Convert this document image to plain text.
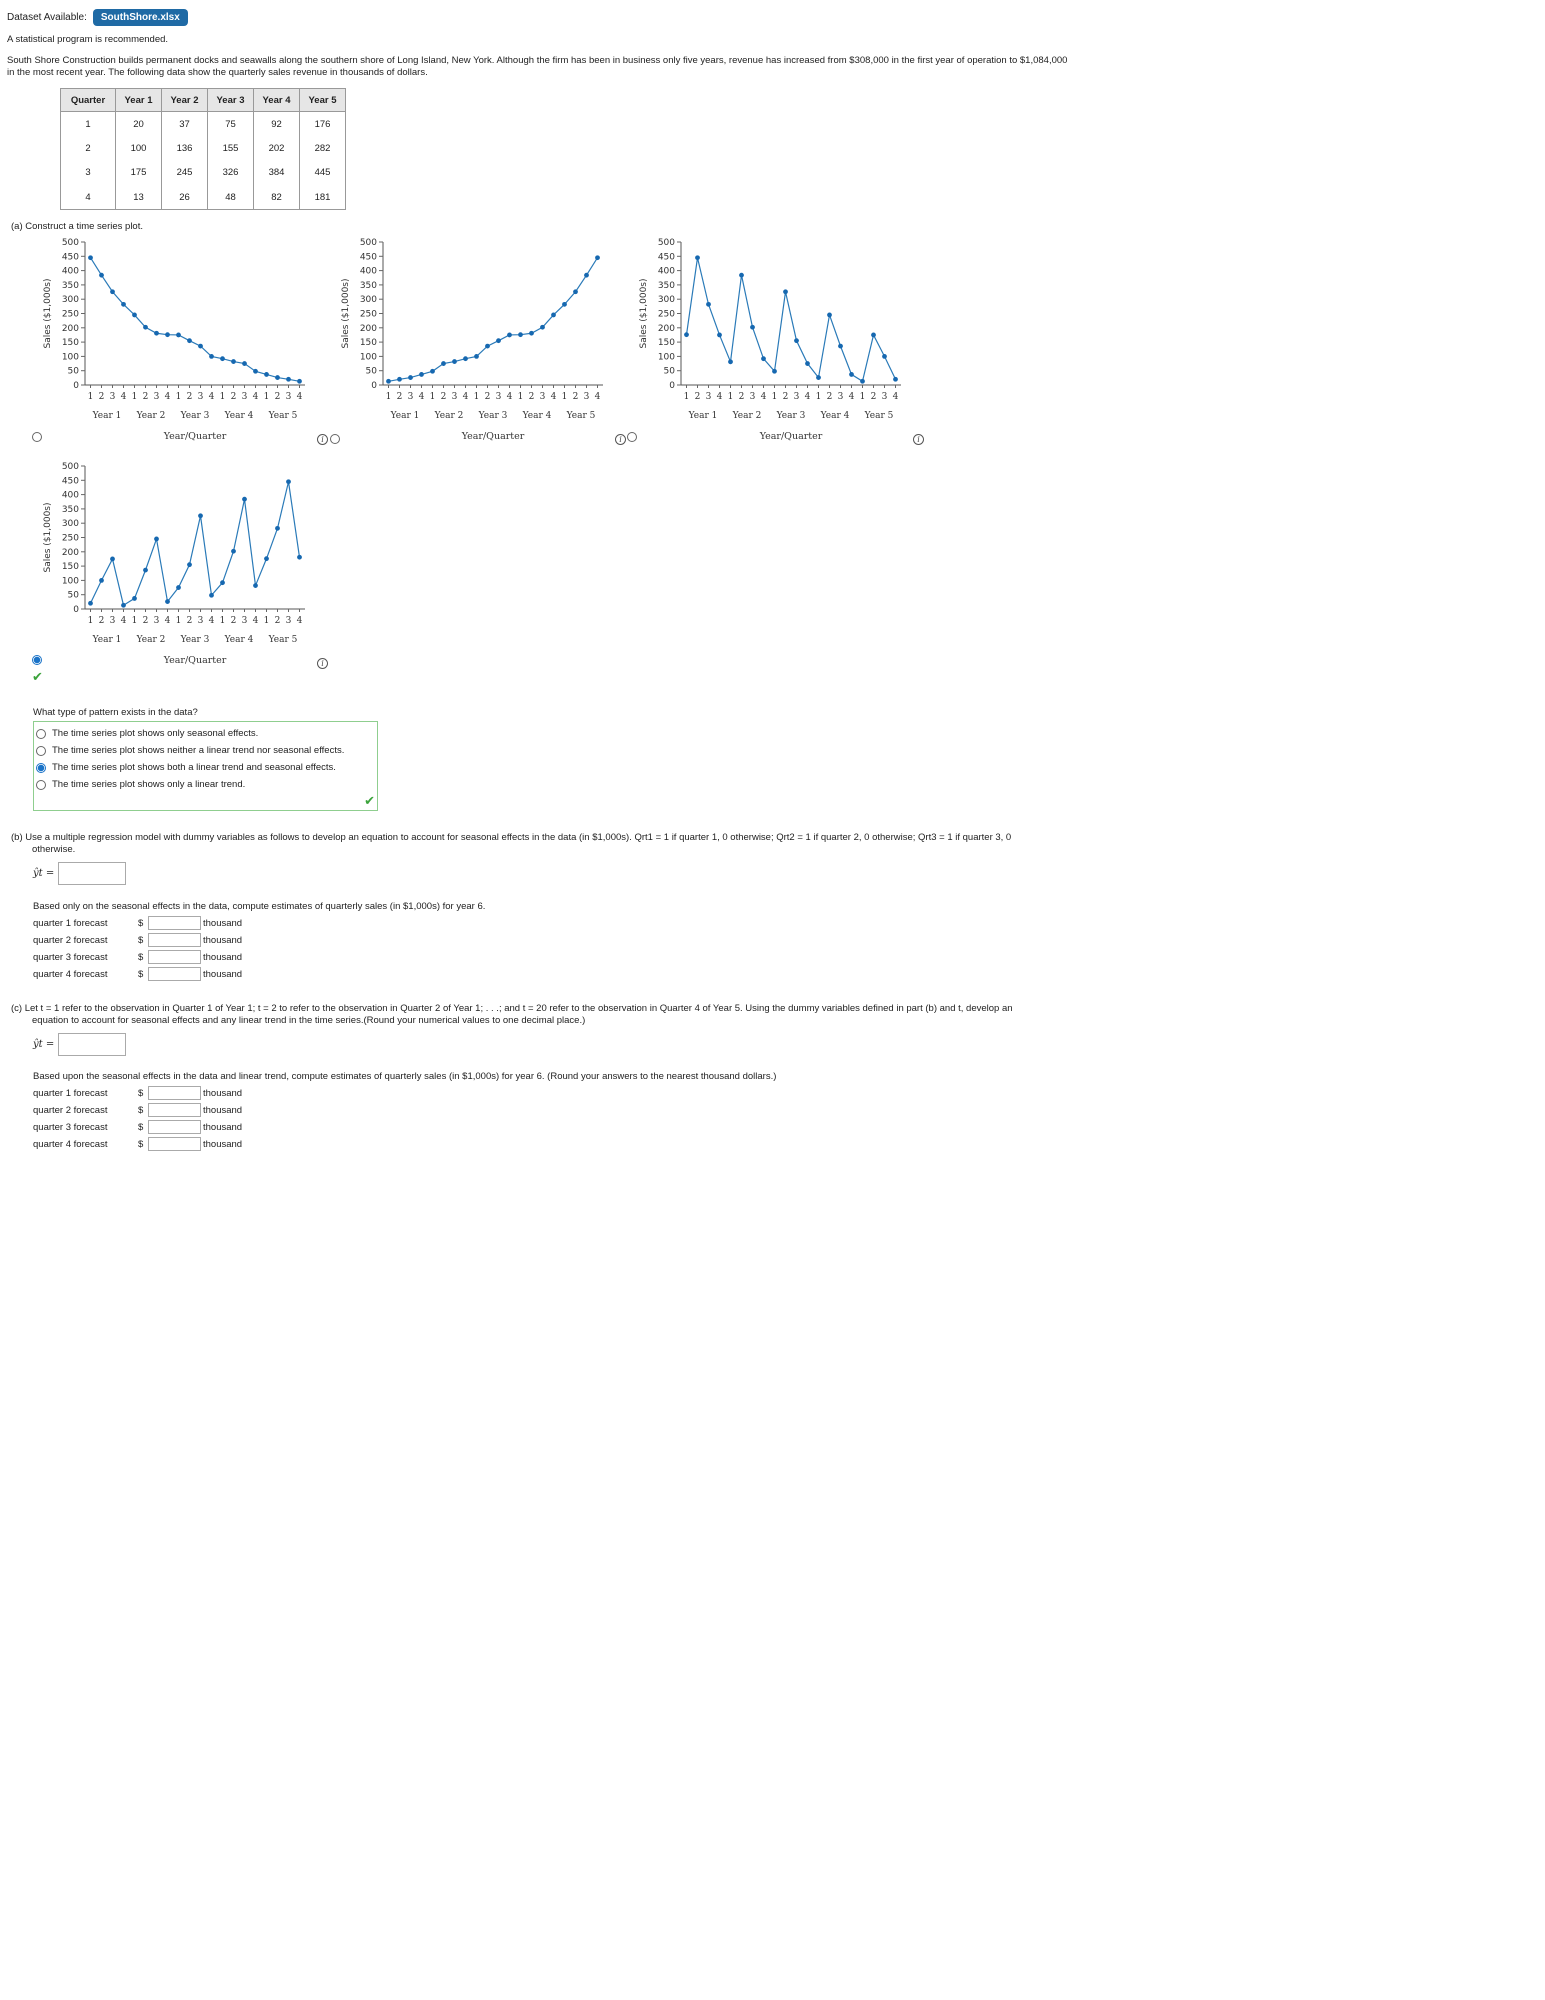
Dataset Available:	SouthShore.xlsx
A statistical program is recommended.
South Shore Construction builds permanent docks and seawalls along the southern shore of Long Island, New York. Although the firm has been in business only five years, revenue has increased from $308,000 in the first year of operation to $1,084,000
in the most recent year. The following data show the quarterly sales revenue in thousands of dollars.
Quarter	Year 1	Year 2	Year 3	Year 4	Year 5
1	20	37	75	92	176
2	100	136	155	202	282
3	175	245	326	384	445
4	13	26	48	82	181
(a) Construct a time series plot.
Sales ($1,000s)
0
50
100
150
200
250
300
350
400
450
500
1 2 3 4 1 2 3 4 1 2 3 4 1 2 3 4 1 2 3 4
Year 1 Year 2 Year 3 Year 4 Year 5
Year/Quarter
Sales ($1,000s)
0
50
100
150
200
250
300
350
400
450
500
1 2 3 4 1 2 3 4 1 2 3 4 1 2 3 4 1 2 3 4
Year 1 Year 2 Year 3 Year 4 Year 5
Year/Quarter
Sales ($1,000s)
0
50
100
150
200
250
300
350
400
450
500
1 2 3 4 1 2 3 4 1 2 3 4 1 2 3 4 1 2 3 4
Year 1 Year 2 Year 3 Year 4 Year 5
Year/Quarter
Sales ($1,000s)
0
50
100
150
200
250
300
350
400
450
500
1 2 3 4 1 2 3 4 1 2 3 4 1 2 3 4 1 2 3 4
Year 1 Year 2 Year 3 Year 4 Year 5
Year/Quarter
✔
i	i	i
i
What type of pattern exists in the data?
The time series plot shows only seasonal effects.
The time series plot shows neither a linear trend nor seasonal effects.
The time series plot shows both a linear trend and seasonal effects.
The time series plot shows only a linear trend.
✔
(b) Use a multiple regression model with dummy variables as follows to develop an equation to account for seasonal effects in the data (in $1,000s). Qrt1 = 1 if quarter 1, 0 otherwise; Qrt2 = 1 if quarter 2, 0 otherwise; Qrt3 = 1 if quarter 3, 0
otherwise.
ŷt =
Based only on the seasonal effects in the data, compute estimates of quarterly sales (in $1,000s) for year 6.
quarter 1 forecast	$	thousand
quarter 2 forecast	$	thousand
quarter 3 forecast	$	thousand
quarter 4 forecast	$	thousand
(c) Let t = 1 refer to the observation in Quarter 1 of Year 1; t = 2 to refer to the observation in Quarter 2 of Year 1; . . .; and t = 20 refer to the observation in Quarter 4 of Year 5. Using the dummy variables defined in part (b) and t, develop an
equation to account for seasonal effects and any linear trend in the time series.(Round your numerical values to one decimal place.)
ŷt =
Based upon the seasonal effects in the data and linear trend, compute estimates of quarterly sales (in $1,000s) for year 6. (Round your answers to the nearest thousand dollars.)
quarter 1 forecast	$	thousand
quarter 2 forecast	$	thousand
quarter 3 forecast	$	thousand
quarter 4 forecast	$	thousand
